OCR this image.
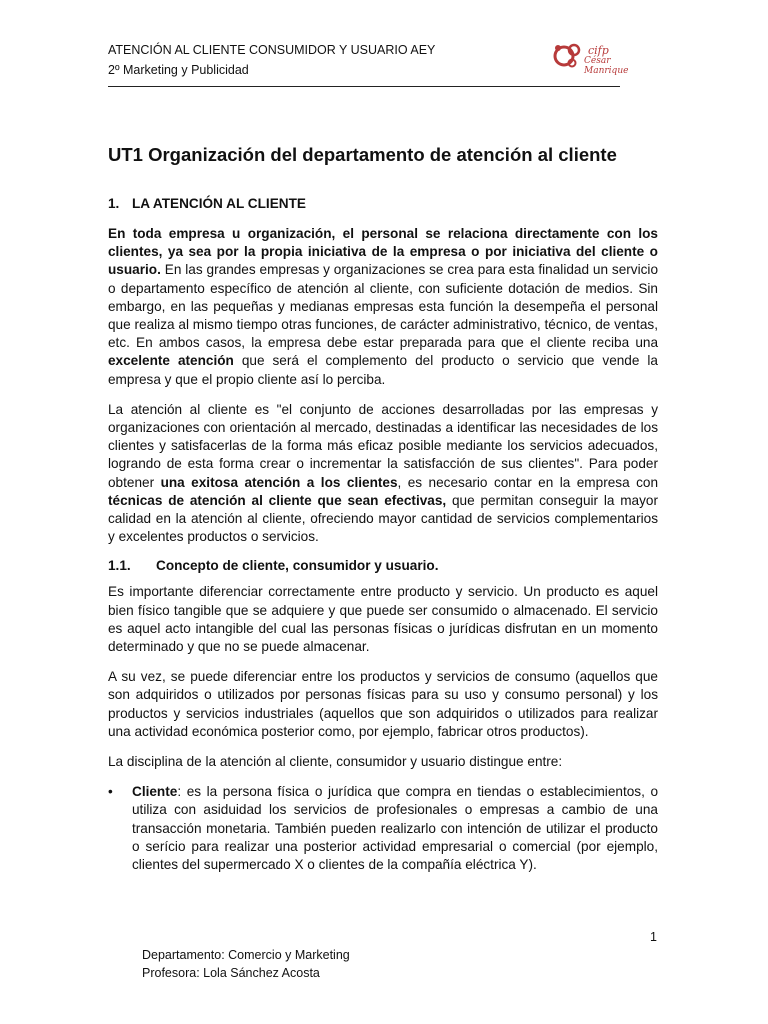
ATENCIÓN AL CLIENTE CONSUMIDOR Y USUARIO AEY
2º Marketing y Publicidad
cifp
César Manrique
UT1 Organización del departamento de atención al cliente
1. LA ATENCIÓN AL CLIENTE

En toda empresa u organización, el personal se relaciona directamente con los clientes, ya sea por la propia iniciativa de la empresa o por iniciativa del cliente o usuario. En las grandes empresas y organizaciones se crea para esta finalidad un servicio o departamento específico de atención al cliente, con suficiente dotación de medios. Sin embargo, en las pequeñas y medianas empresas esta función la desempeña el personal que realiza al mismo tiempo otras funciones, de carácter administrativo, técnico, de ventas, etc. En ambos casos, la empresa debe estar preparada para que el cliente reciba una excelente atención que será el complemento del producto o servicio que vende la empresa y que el propio cliente así lo perciba.

La atención al cliente es "el conjunto de acciones desarrolladas por las empresas y organizaciones con orientación al mercado, destinadas a identificar las necesidades de los clientes y satisfacerlas de la forma más eficaz posible mediante los servicios adecuados, logrando de esta forma crear o incrementar la satisfacción de sus clientes". Para poder obtener una exitosa atención a los clientes, es necesario contar en la empresa con técnicas de atención al cliente que sean efectivas, que permitan conseguir la mayor calidad en la atención al cliente, ofreciendo mayor cantidad de servicios complementarios y excelentes productos o servicios.

1.1. Concepto de cliente, consumidor y usuario.

Es importante diferenciar correctamente entre producto y servicio. Un producto es aquel bien físico tangible que se adquiere y que puede ser consumido o almacenado. El servicio es aquel acto intangible del cual las personas físicas o jurídicas disfrutan en un momento determinado y que no se puede almacenar.

A su vez, se puede diferenciar entre los productos y servicios de consumo (aquellos que son adquiridos o utilizados por personas físicas para su uso y consumo personal) y los productos y servicios industriales (aquellos que son adquiridos o utilizados para realizar una actividad económica posterior como, por ejemplo, fabricar otros productos).

La disciplina de la atención al cliente, consumidor y usuario distingue entre:

• Cliente: es la persona física o jurídica que compra en tiendas o establecimientos, o utiliza con asiduidad los servicios de profesionales o empresas a cambio de una transacción monetaria. También pueden realizarlo con intención de utilizar el producto o serício para realizar una posterior actividad empresarial o comercial (por ejemplo, clientes del supermercado X o clientes de la compañía eléctrica Y).
1
Departamento: Comercio y Marketing
Profesora: Lola Sánchez Acosta
